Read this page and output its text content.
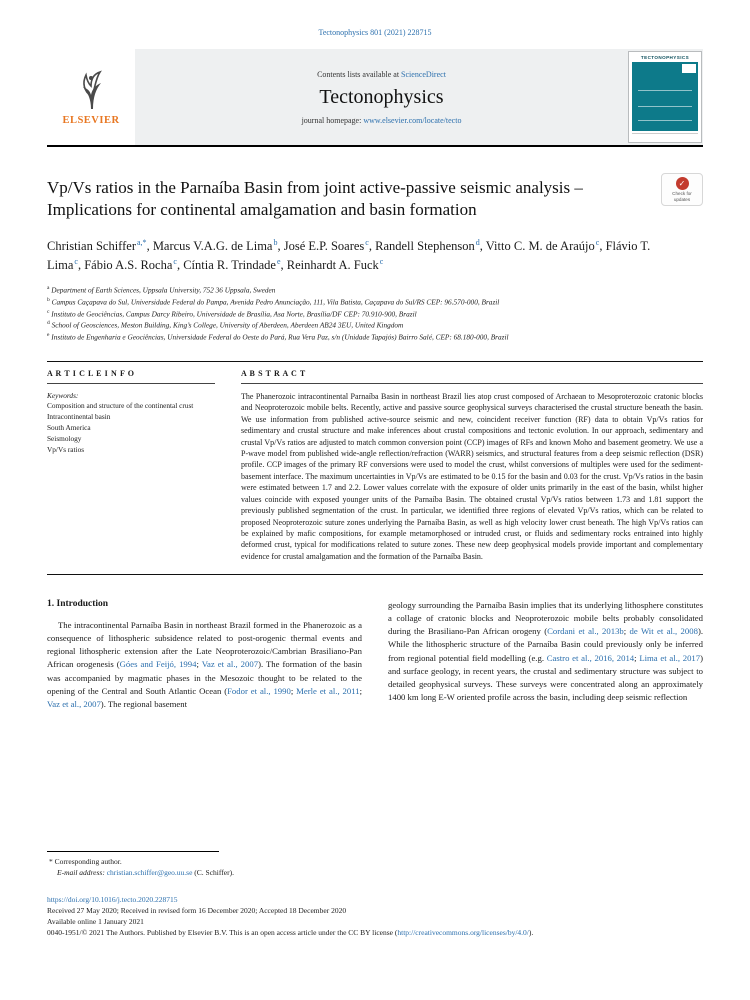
Tectonophysics 801 (2021) 228715
ELSEVIER
Contents lists available at ScienceDirect
Tectonophysics
journal homepage: www.elsevier.com/locate/tecto
TECTONOPHYSICS
Vp/Vs ratios in the Parnaíba Basin from joint active-passive seismic analysis – Implications for continental amalgamation and basin formation
✓
Check for
updates
Christian Schiffer$^{a,*}$, Marcus V.A.G. de Lima$^b$, José E.P. Soares$^c$, Randell Stephenson$^d$, Vitto C. M. de Araújo$^c$, Flávio T. Lima$^c$, Fábio A.S. Rocha$^c$, Cíntia R. Trindade$^e$, Reinhardt A. Fuck$^c$
$^a$ Department of Earth Sciences, Uppsala University, 752 36 Uppsala, Sweden
$^b$ Campus Caçapava do Sul, Universidade Federal do Pampa, Avenida Pedro Anunciação, 111, Vila Batista, Caçapava do Sul/RS CEP: 96.570-000, Brazil
$^c$ Instituto de Geociências, Campus Darcy Ribeiro, Universidade de Brasília, Asa Norte, Brasília/DF CEP: 70.910-900, Brazil
$^d$ School of Geosciences, Meston Building, King’s College, University of Aberdeen, Aberdeen AB24 3EU, United Kingdom
$^e$ Instituto de Engenharia e Geociências, Universidade Federal do Oeste do Pará, Rua Vera Paz, s/n (Unidade Tapajós) Bairro Salé, CEP: 68.180-000, Brazil
A R T I C L E I N F O
Keywords:
Composition and structure of the continental crust
Intracontinental basin
South America
Seismology
Vp/Vs ratios
A B S T R A C T

The Phanerozoic intracontinental Parnaíba Basin in northeast Brazil lies atop crust composed of Archaean to Mesoproterozoic cratonic blocks and Neoproterozoic mobile belts. Recently, active and passive source geophysical surveys characterised the crustal structure beneath the basin. We use information from published active-source seismic and new, coincident receiver function (RF) data to obtain Vp/Vs ratios for sedimentary and crustal structure and make inferences about crustal compositions and tectonic evolution. In our approach, sedimentary and crustal Vp/Vs ratios are adjusted to match common conversion point (CCP) images of RFs and known Moho and basement geometry. We use a P-wave model from published wide-angle reflection/refraction (WARR) seismics, and structural features from a deep seismic reflection (DSR) profile. CCP images of the primary RF conversions were used to model the crust, whilst conversions of multiples were used for the sediment-basement interface. The maximum uncertainties in Vp/Vs are estimated to be 0.15 for the basin and 0.03 for the crust. Vp/Vs ratios in the basin were estimated between 1.7 and 2.2. Lower values correlate with the exposure of older units primarily in the east of the basin, whilst higher values coincide with exposed younger units of the Parnaíba Basin. The obtained crustal Vp/Vs ratios between 1.73 and 1.81 support the previously published segmentation of the crust. In particular, we identified three regions of elevated Vp/Vs ratios, which can be related to proposed Neoproterozoic suture zones underlying the Parnaíba Basin, as well as high velocity lower crust beneath. The high Vp/Vs ratios can be explained by mafic compositions, for example metamorphosed or intruded crust, or fluids and sedimentary rocks entrained into highly deformed crust, typical for modifications related to suture zones. These new deep geophysical models provide important and complementary evidence for crustal amalgamation and the formation of the Parnaíba Basin.

1. Introduction

The intracontinental Parnaíba Basin in northeast Brazil formed in the Phanerozoic as a consequence of lithospheric subsidence related to post-orogenic thermal events and regional lithospheric extension after the Late Neoproterozoic/Cambrian Brasiliano-Pan African orogenesis (Góes and Feijó, 1994; Vaz et al., 2007). The formation of the basin was accompanied by magmatic phases in the Mesozoic thought to be related to the opening of the Central and South Atlantic Ocean (Fodor et al., 1990; Merle et al., 2011; Vaz et al., 2007). The regional basement

geology surrounding the Parnaíba Basin implies that its underlying lithosphere constitutes a collage of cratonic blocks and Neoproterozoic mobile belts probably consolidated during the Brasiliano-Pan African orogeny (Cordani et al., 2013b; de Wit et al., 2008). While the lithospheric structure of the Parnaíba Basin could previously only be inferred from regional potential field modelling (e.g. Castro et al., 2016, 2014; Lima et al., 2017) and surface geology, in recent years, the crustal and sedimentary structure was subject to detailed geophysical surveys. These surveys were concentrated along an approximately 1400 km long E-W oriented profile across the basin, including deep seismic reflection

* Corresponding author.
E-mail address: christian.schiffer@geo.uu.se (C. Schiffer).
https://doi.org/10.1016/j.tecto.2020.228715
Received 27 May 2020; Received in revised form 16 December 2020; Accepted 18 December 2020
Available online 1 January 2021
0040-1951/© 2021 The Authors. Published by Elsevier B.V. This is an open access article under the CC BY license (http://creativecommons.org/licenses/by/4.0/).
